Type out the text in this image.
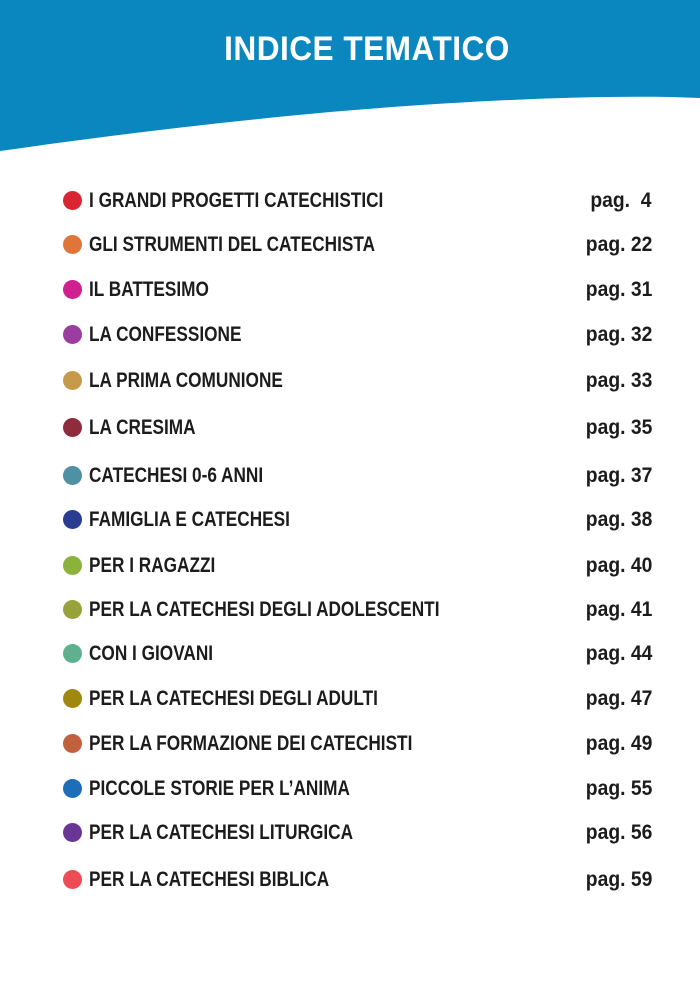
INDICE TEMATICO
I GRANDI PROGETTI CATECHISTICI	pag.  4
GLI STRUMENTI DEL CATECHISTA	pag. 22
IL BATTESIMO	pag. 31
LA CONFESSIONE	pag. 32
LA PRIMA COMUNIONE	pag. 33
LA CRESIMA	pag. 35
CATECHESI 0-6 ANNI	pag. 37
FAMIGLIA E CATECHESI	pag. 38
PER I RAGAZZI	pag. 40
PER LA CATECHESI DEGLI ADOLESCENTI	pag. 41
CON I GIOVANI	pag. 44
PER LA CATECHESI DEGLI ADULTI	pag. 47
PER LA FORMAZIONE DEI CATECHISTI	pag. 49
PICCOLE STORIE PER L’ANIMA	pag. 55
PER LA CATECHESI LITURGICA	pag. 56
PER LA CATECHESI BIBLICA	pag. 59
